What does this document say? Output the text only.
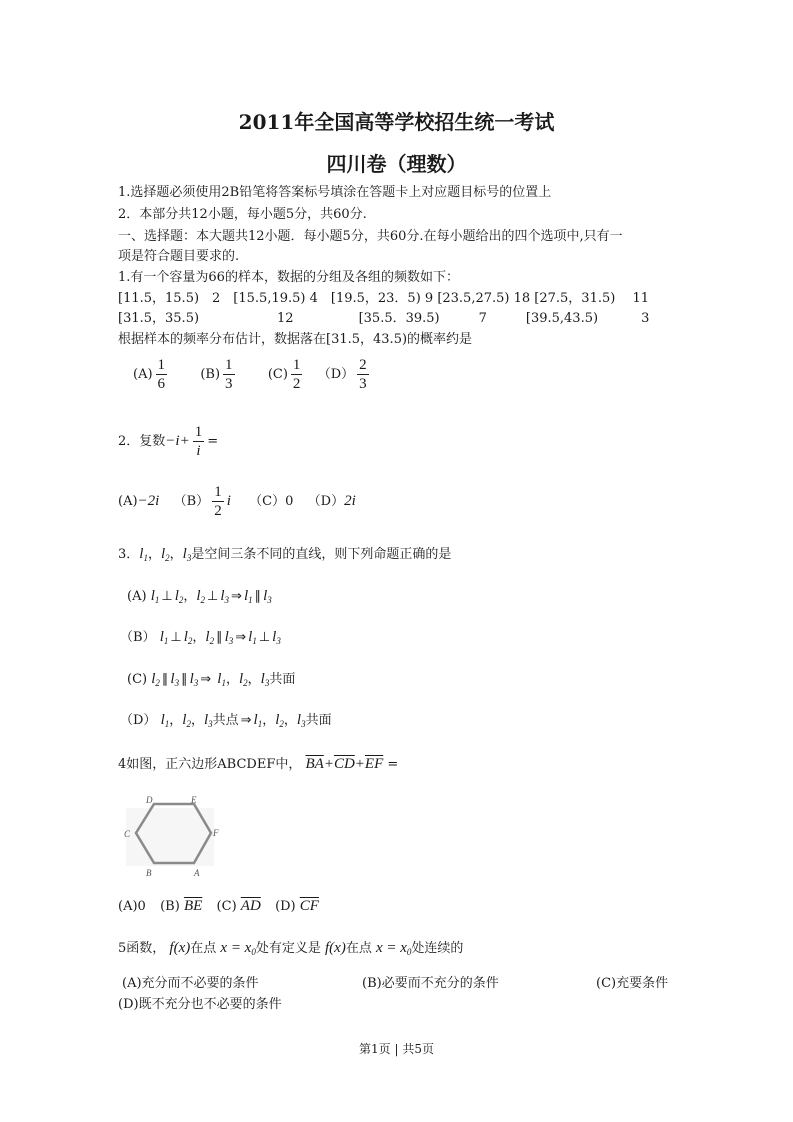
2011年全国高等学校招生统一考试
四川卷（理数）
1.选择题必须使用2B铅笔将答案标号填涂在答题卡上对应题目标号的位置上
2．本部分共12小题，每小题5分，共60分.
一、选择题：本大题共12小题．每小题5分，共60分.在每小题给出的四个选项中,只有一
项是符合题目要求的.
1.有一个容量为66的样本，数据的分组及各组的频数如下：
[11.5，15.5)　2　[15.5,19.5) 4　[19.5，23．5) 9 [23.5,27.5) 18 [27.5，31.5)　 11
[31.5，35.5)　　　　　　12　　　　　[35.5．39.5)　　　7　　　[39.5,43.5)　　　 3
根据样本的频率分布估计，数据落在[31.5，43.5)的概率约是
$(A) \frac{1}{6}$	$(B) \frac{1}{3}$	$(C) \frac{1}{2} (D) \frac{2}{3}$
2．复数$-i+ \frac{1}{i}$ =
(A)−2i $(B) \frac{1}{2}$ i （C）0 （D）2i
3．$l_1$，$l_2$，$l_3$是空间三条不同的直线，则下列命题正确的是
(A) $l_1$ ⊥ $l_2$，$l_2$ ⊥ $l_3$ ⇒ $l_1$ ∥ $l_3$
（B） $l_1$ ⊥ $l_2$，$l_2$ ∥ $l_3$ ⇒ $l_1$ ⊥ $l_3$
(C) $l_2$ ∥ $l_3$ ∥ $l_3$ ⇒ $l_1$，$l_2$，$l_3$共面
（D） $l_1$，$l_2$，$l_3$共点 ⇒ $l_1$，$l_2$，$l_3$共面
4如图，正六边形ABCDEF中， $\overline{BA}+\overline{CD}+\overline{EF}$ =
D	E
C	F
B	A
(A)0 (B) $\overline{BE}$ (C) $\overline{AD}$ (D) $\overline{CF}$
5函数， f(x)在点 $x = x_0$处有定义是 f(x)在点 $x = x_0$处连续的
(A)充分而不必要的条件	(B)必要而不充分的条件	(C)充要条件
(D)既不充分也不必要的条件
第1页 | 共5页
